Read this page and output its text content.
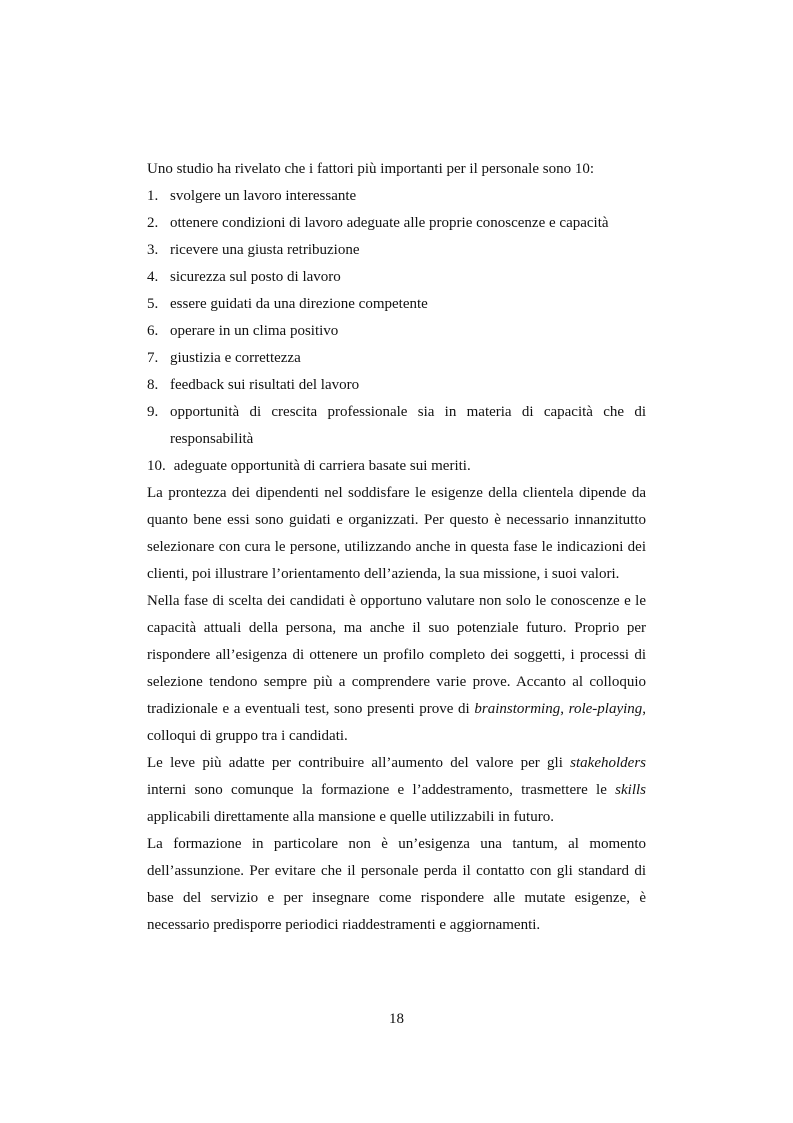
Uno studio ha rivelato che i fattori più importanti per il personale sono 10:

1. svolgere un lavoro interessante
2. ottenere condizioni di lavoro adeguate alle proprie conoscenze e capacità
3. ricevere una giusta retribuzione
4. sicurezza sul posto di lavoro
5. essere guidati da una direzione competente
6. operare in un clima positivo
7. giustizia e correttezza
8. feedback sui risultati del lavoro
9. opportunità di crescita professionale sia in materia di capacità che di responsabilità
10. adeguate opportunità di carriera basate sui meriti.

La prontezza dei dipendenti nel soddisfare le esigenze della clientela dipende da quanto bene essi sono guidati e organizzati. Per questo è necessario innanzitutto selezionare con cura le persone, utilizzando anche in questa fase le indicazioni dei clienti, poi illustrare l’orientamento dell’azienda, la sua missione, i suoi valori.

Nella fase di scelta dei candidati è opportuno valutare non solo le conoscenze e le capacità attuali della persona, ma anche il suo potenziale futuro. Proprio per rispondere all’esigenza di ottenere un profilo completo dei soggetti, i processi di selezione tendono sempre più a comprendere varie prove. Accanto al colloquio tradizionale e a eventuali test, sono presenti prove di brainstorming, role-playing, colloqui di gruppo tra i candidati.

Le leve più adatte per contribuire all’aumento del valore per gli stakeholders interni sono comunque la formazione e l’addestramento, trasmettere le skills applicabili direttamente alla mansione e quelle utilizzabili in futuro.

La formazione in particolare non è un’esigenza una tantum, al momento dell’assunzione. Per evitare che il personale perda il contatto con gli standard di base del servizio e per insegnare come rispondere alle mutate esigenze, è necessario predisporre periodici riaddestramenti e aggiornamenti.

18
